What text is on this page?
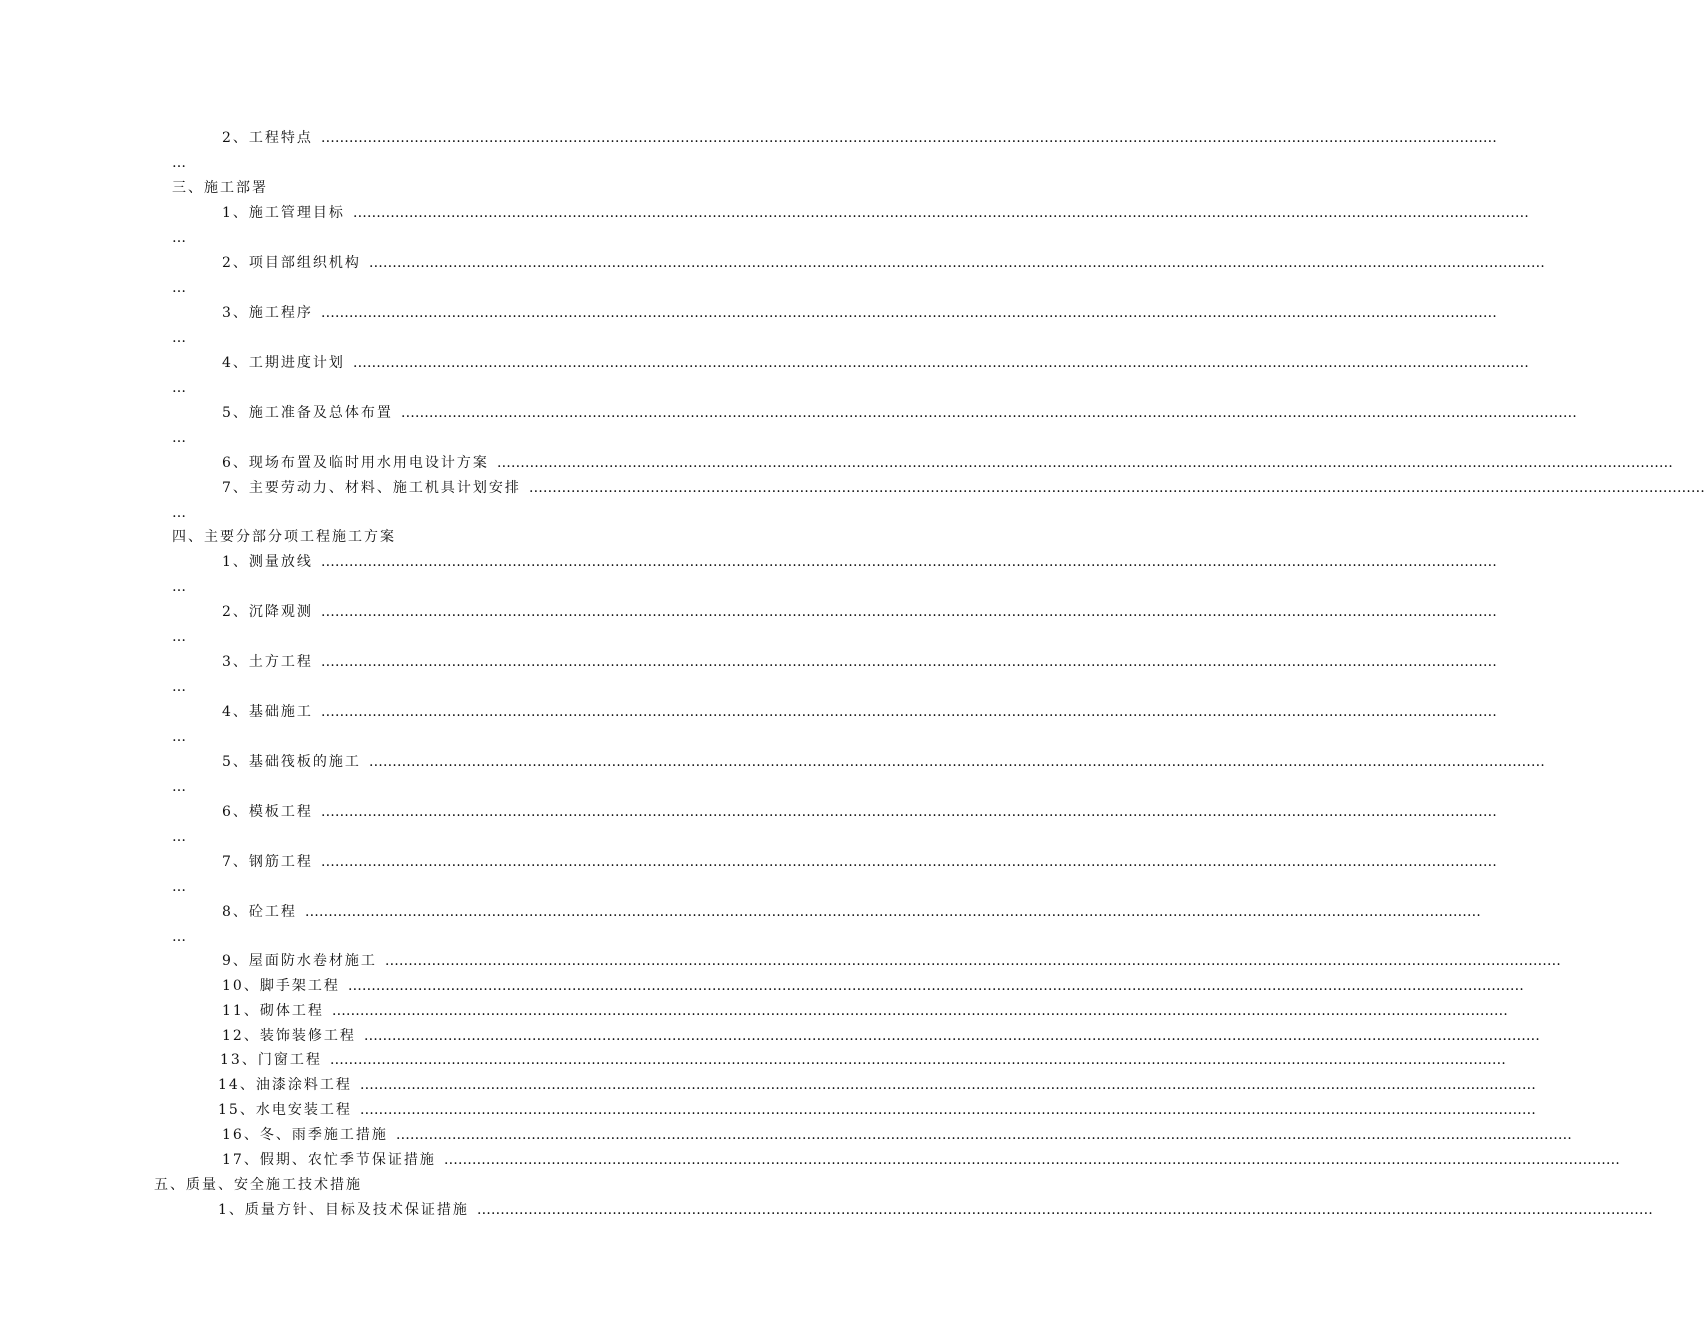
2、工程特点 ………………………………………………………………………………………………………………………………………………………………………………………………………………………………
…
三、施工部署
1、施工管理目标 ………………………………………………………………………………………………………………………………………………………………………………………………………………………………
…
2、项目部组织机构 ………………………………………………………………………………………………………………………………………………………………………………………………………………………………
…
3、施工程序 ………………………………………………………………………………………………………………………………………………………………………………………………………………………………
…
4、工期进度计划 ………………………………………………………………………………………………………………………………………………………………………………………………………………………………
…
5、施工准备及总体布置 ………………………………………………………………………………………………………………………………………………………………………………………………………………………………
…
6、现场布置及临时用水用电设计方案 ………………………………………………………………………………………………………………………………………………………………………………………………………………………………
7、主要劳动力、材料、施工机具计划安排 ………………………………………………………………………………………………………………………………………………………………………………………………………………………………
…
四、主要分部分项工程施工方案
1、测量放线 ………………………………………………………………………………………………………………………………………………………………………………………………………………………………
…
2、沉降观测 ………………………………………………………………………………………………………………………………………………………………………………………………………………………………
…
3、土方工程 ………………………………………………………………………………………………………………………………………………………………………………………………………………………………
…
4、基础施工 ………………………………………………………………………………………………………………………………………………………………………………………………………………………………
…
5、基础筏板的施工 ………………………………………………………………………………………………………………………………………………………………………………………………………………………………
…
6、模板工程 ………………………………………………………………………………………………………………………………………………………………………………………………………………………………
…
7、钢筋工程 ………………………………………………………………………………………………………………………………………………………………………………………………………………………………
…
8、砼工程 ………………………………………………………………………………………………………………………………………………………………………………………………………………………………
…
9、屋面防水卷材施工 ………………………………………………………………………………………………………………………………………………………………………………………………………………………………
10、脚手架工程 ………………………………………………………………………………………………………………………………………………………………………………………………………………………………
11、砌体工程 ………………………………………………………………………………………………………………………………………………………………………………………………………………………………
12、装饰装修工程 ………………………………………………………………………………………………………………………………………………………………………………………………………………………………
13、门窗工程 ………………………………………………………………………………………………………………………………………………………………………………………………………………………………
14、油漆涂料工程 ………………………………………………………………………………………………………………………………………………………………………………………………………………………………
15、水电安装工程 ………………………………………………………………………………………………………………………………………………………………………………………………………………………………
16、冬、雨季施工措施 ………………………………………………………………………………………………………………………………………………………………………………………………………………………………
17、假期、农忙季节保证措施 ………………………………………………………………………………………………………………………………………………………………………………………………………………………………
五、质量、安全施工技术措施
1、质量方针、目标及技术保证措施 ………………………………………………………………………………………………………………………………………………………………………………………………………………………………
